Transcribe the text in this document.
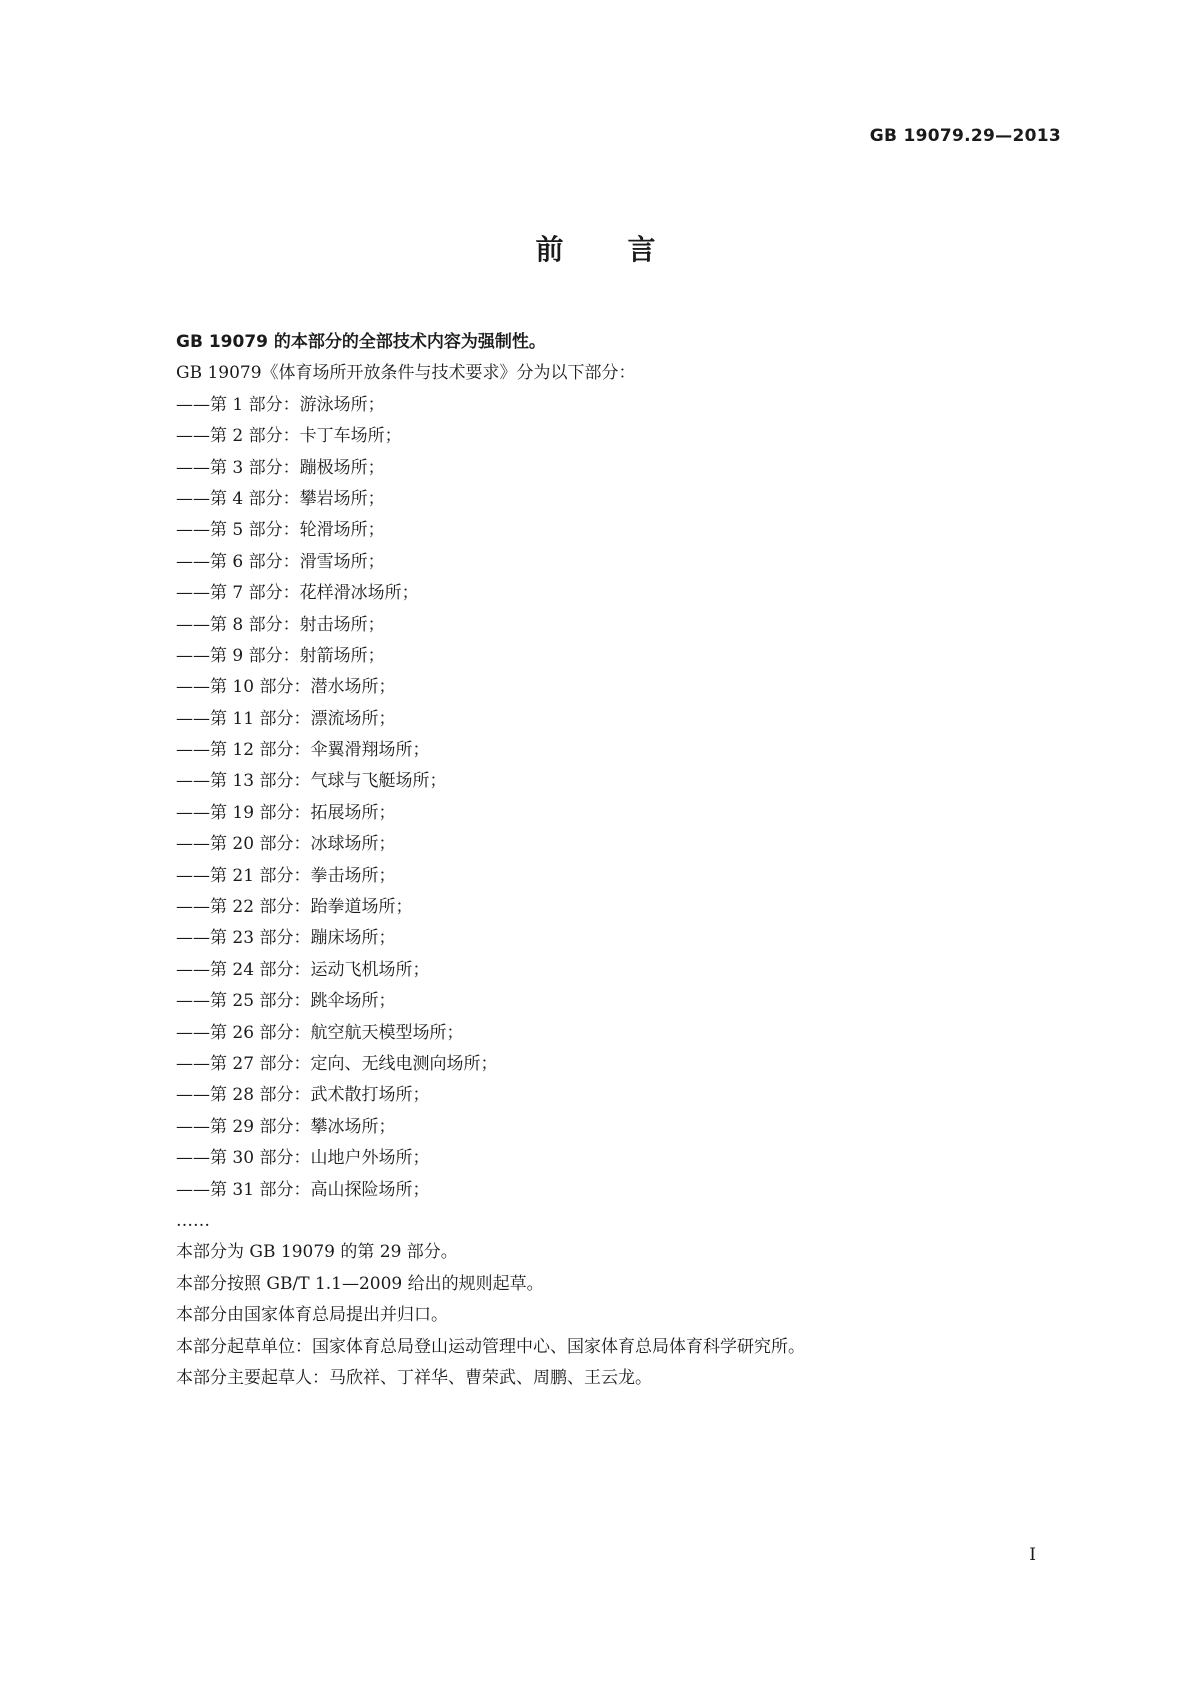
GB 19079.29—2013
前言
GB 19079 的本部分的全部技术内容为强制性。
GB 19079《体育场所开放条件与技术要求》分为以下部分：
——第 1 部分：游泳场所；
——第 2 部分：卡丁车场所；
——第 3 部分：蹦极场所；
——第 4 部分：攀岩场所；
——第 5 部分：轮滑场所；
——第 6 部分：滑雪场所；
——第 7 部分：花样滑冰场所；
——第 8 部分：射击场所；
——第 9 部分：射箭场所；
——第 10 部分：潜水场所；
——第 11 部分：漂流场所；
——第 12 部分：伞翼滑翔场所；
——第 13 部分：气球与飞艇场所；
——第 19 部分：拓展场所；
——第 20 部分：冰球场所；
——第 21 部分：拳击场所；
——第 22 部分：跆拳道场所；
——第 23 部分：蹦床场所；
——第 24 部分：运动飞机场所；
——第 25 部分：跳伞场所；
——第 26 部分：航空航天模型场所；
——第 27 部分：定向、无线电测向场所；
——第 28 部分：武术散打场所；
——第 29 部分：攀冰场所；
——第 30 部分：山地户外场所；
——第 31 部分：高山探险场所；
……
本部分为 GB 19079 的第 29 部分。
本部分按照 GB/T 1.1—2009 给出的规则起草。
本部分由国家体育总局提出并归口。
本部分起草单位：国家体育总局登山运动管理中心、国家体育总局体育科学研究所。
本部分主要起草人：马欣祥、丁祥华、曹荣武、周鹏、王云龙。
I
